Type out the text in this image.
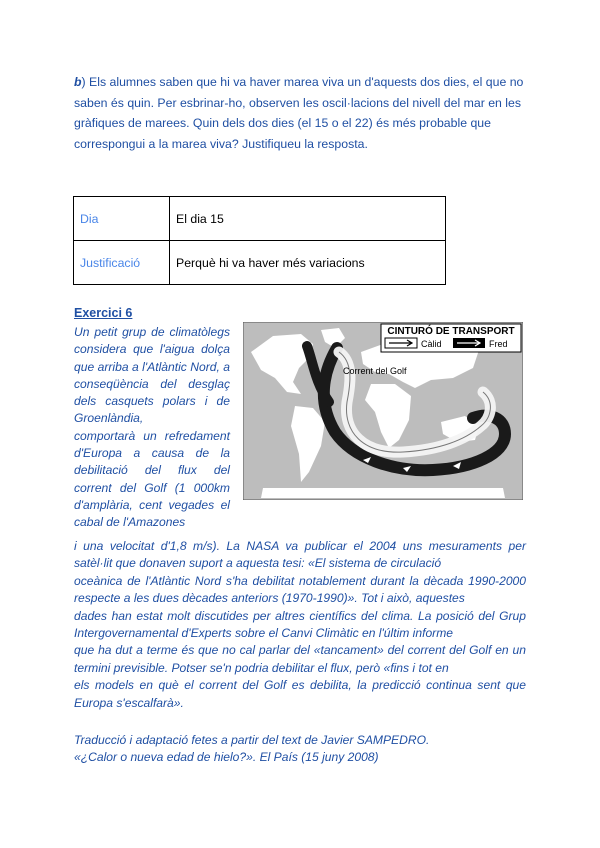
b) Els alumnes saben que hi va haver marea viva un d'aquests dos dies, el que no saben és quin. Per esbrinar-ho, observen les oscil·lacions del nivell del mar en les gràfiques de marees. Quin dels dos dies (el 15 o el 22) és més probable que correspongui a la marea viva? Justifiqueu la resposta.
Dia	El dia 15
Justificació	Perquè hi va haver més variacions
Exercici 6
Un petit grup de climatòlegs
considera que l'aigua dolça
que arriba a l'Atlàntic Nord, a
conseqüència del desglaç
dels casquets polars i de
Groenlàndia,
comportarà un refredament
d'Europa a causa de la
debilitació del flux del
corrent del Golf (1 000km
d'amplària, cent vegades el
cabal de l'Amazones
CINTURÓ DE TRANSPORT
Càlid	Fred
Corrent del Golf
i una velocitat d'1,8 m/s). La NASA va publicar el 2004 uns mesuraments per
satèl·lit que donaven suport a aquesta tesi: «El sistema de circulació
oceànica de l'Atlàntic Nord s'ha debilitat notablement durant la dècada 1990-2000
respecte a les dues dècades anteriors (1970-1990)». Tot i això, aquestes
dades han estat molt discutides per altres científics del clima. La posició del Grup
Intergovernamental d'Experts sobre el Canvi Climàtic en l'últim informe
que ha dut a terme és que no cal parlar del «tancament» del corrent del Golf en un
termini previsible. Potser se'n podria debilitar el flux, però «fins i tot en
els models en què el corrent del Golf es debilita, la predicció continua sent que
Europa s'escalfarà».
Traducció i adaptació fetes a partir del text de Javier SAMPEDRO.
«¿Calor o nueva edad de hielo?». El País (15 juny 2008)
